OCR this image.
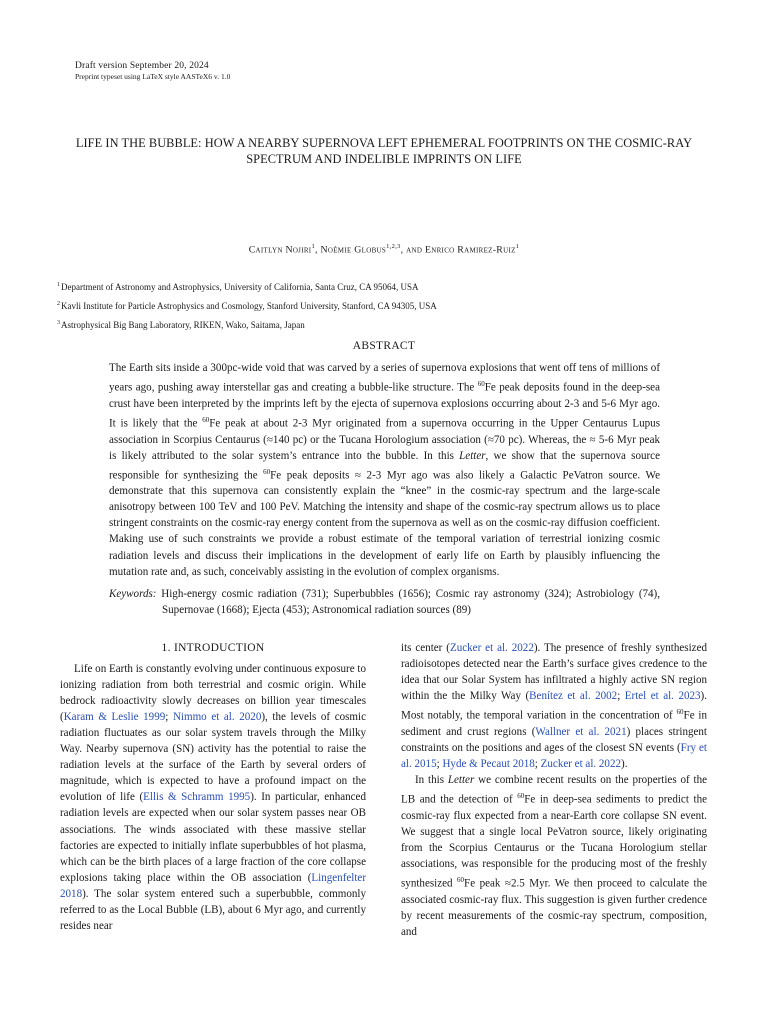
Draft version September 20, 2024
Preprint typeset using LaTeX style AASTeX6 v. 1.0
LIFE IN THE BUBBLE: HOW A NEARBY SUPERNOVA LEFT EPHEMERAL FOOTPRINTS ON THE COSMIC-RAY SPECTRUM AND INDELIBLE IMPRINTS ON LIFE
Caitlyn Nojiri$^1$, Noémie Globus$^{1,2,3}$, and Enrico Ramirez-Ruiz$^1$
$^1$Department of Astronomy and Astrophysics, University of California, Santa Cruz, CA 95064, USA
$^2$Kavli Institute for Particle Astrophysics and Cosmology, Stanford University, Stanford, CA 94305, USA
$^3$Astrophysical Big Bang Laboratory, RIKEN, Wako, Saitama, Japan
ABSTRACT
The Earth sits inside a 300pc-wide void that was carved by a series of supernova explosions that went off tens of millions of years ago, pushing away interstellar gas and creating a bubble-like structure. The $^{60}$Fe peak deposits found in the deep-sea crust have been interpreted by the imprints left by the ejecta of supernova explosions occurring about 2-3 and 5-6 Myr ago. It is likely that the $^{60}$Fe peak at about 2-3 Myr originated from a supernova occurring in the Upper Centaurus Lupus association in Scorpius Centaurus (≈140 pc) or the Tucana Horologium association (≈70 pc). Whereas, the ≈ 5-6 Myr peak is likely attributed to the solar system’s entrance into the bubble. In this Letter, we show that the supernova source responsible for synthesizing the $^{60}$Fe peak deposits ≈ 2-3 Myr ago was also likely a Galactic PeVatron source. We demonstrate that this supernova can consistently explain the “knee” in the cosmic-ray spectrum and the large-scale anisotropy between 100 TeV and 100 PeV. Matching the intensity and shape of the cosmic-ray spectrum allows us to place stringent constraints on the cosmic-ray energy content from the supernova as well as on the cosmic-ray diffusion coefficient. Making use of such constraints we provide a robust estimate of the temporal variation of terrestrial ionizing cosmic radiation levels and discuss their implications in the development of early life on Earth by plausibly influencing the mutation rate and, as such, conceivably assisting in the evolution of complex organisms.
Keywords: High-energy cosmic radiation (731); Superbubbles (1656); Cosmic ray astronomy (324); Astrobiology (74), Supernovae (1668); Ejecta (453); Astronomical radiation sources (89)
1. INTRODUCTION

Life on Earth is constantly evolving under continuous exposure to ionizing radiation from both terrestrial and cosmic origin. While bedrock radioactivity slowly decreases on billion year timescales (Karam & Leslie 1999; Nimmo et al. 2020), the levels of cosmic radiation fluctuates as our solar system travels through the Milky Way. Nearby supernova (SN) activity has the potential to raise the radiation levels at the surface of the Earth by several orders of magnitude, which is expected to have a profound impact on the evolution of life (Ellis & Schramm 1995). In particular, enhanced radiation levels are expected when our solar system passes near OB associations. The winds associated with these massive stellar factories are expected to initially inflate superbubbles of hot plasma, which can be the birth places of a large fraction of the core collapse explosions taking place within the OB association (Lingenfelter 2018). The solar system entered such a superbubble, commonly referred to as the Local Bubble (LB), about 6 Myr ago, and currently resides near

its center (Zucker et al. 2022). The presence of freshly synthesized radioisotopes detected near the Earth’s surface gives credence to the idea that our Solar System has infiltrated a highly active SN region within the the Milky Way (Benítez et al. 2002; Ertel et al. 2023). Most notably, the temporal variation in the concentration of $^{60}$Fe in sediment and crust regions (Wallner et al. 2021) places stringent constraints on the positions and ages of the closest SN events (Fry et al. 2015; Hyde & Pecaut 2018; Zucker et al. 2022).

In this Letter we combine recent results on the properties of the LB and the detection of $^{60}$Fe in deep-sea sediments to predict the cosmic-ray flux expected from a near-Earth core collapse SN event. We suggest that a single local PeVatron source, likely originating from the Scorpius Centaurus or the Tucana Horologium stellar associations, was responsible for the producing most of the freshly synthesized $^{60}$Fe peak ≈2.5 Myr. We then proceed to calculate the associated cosmic-ray flux. This suggestion is given further credence by recent measurements of the cosmic-ray spectrum, composition, and
